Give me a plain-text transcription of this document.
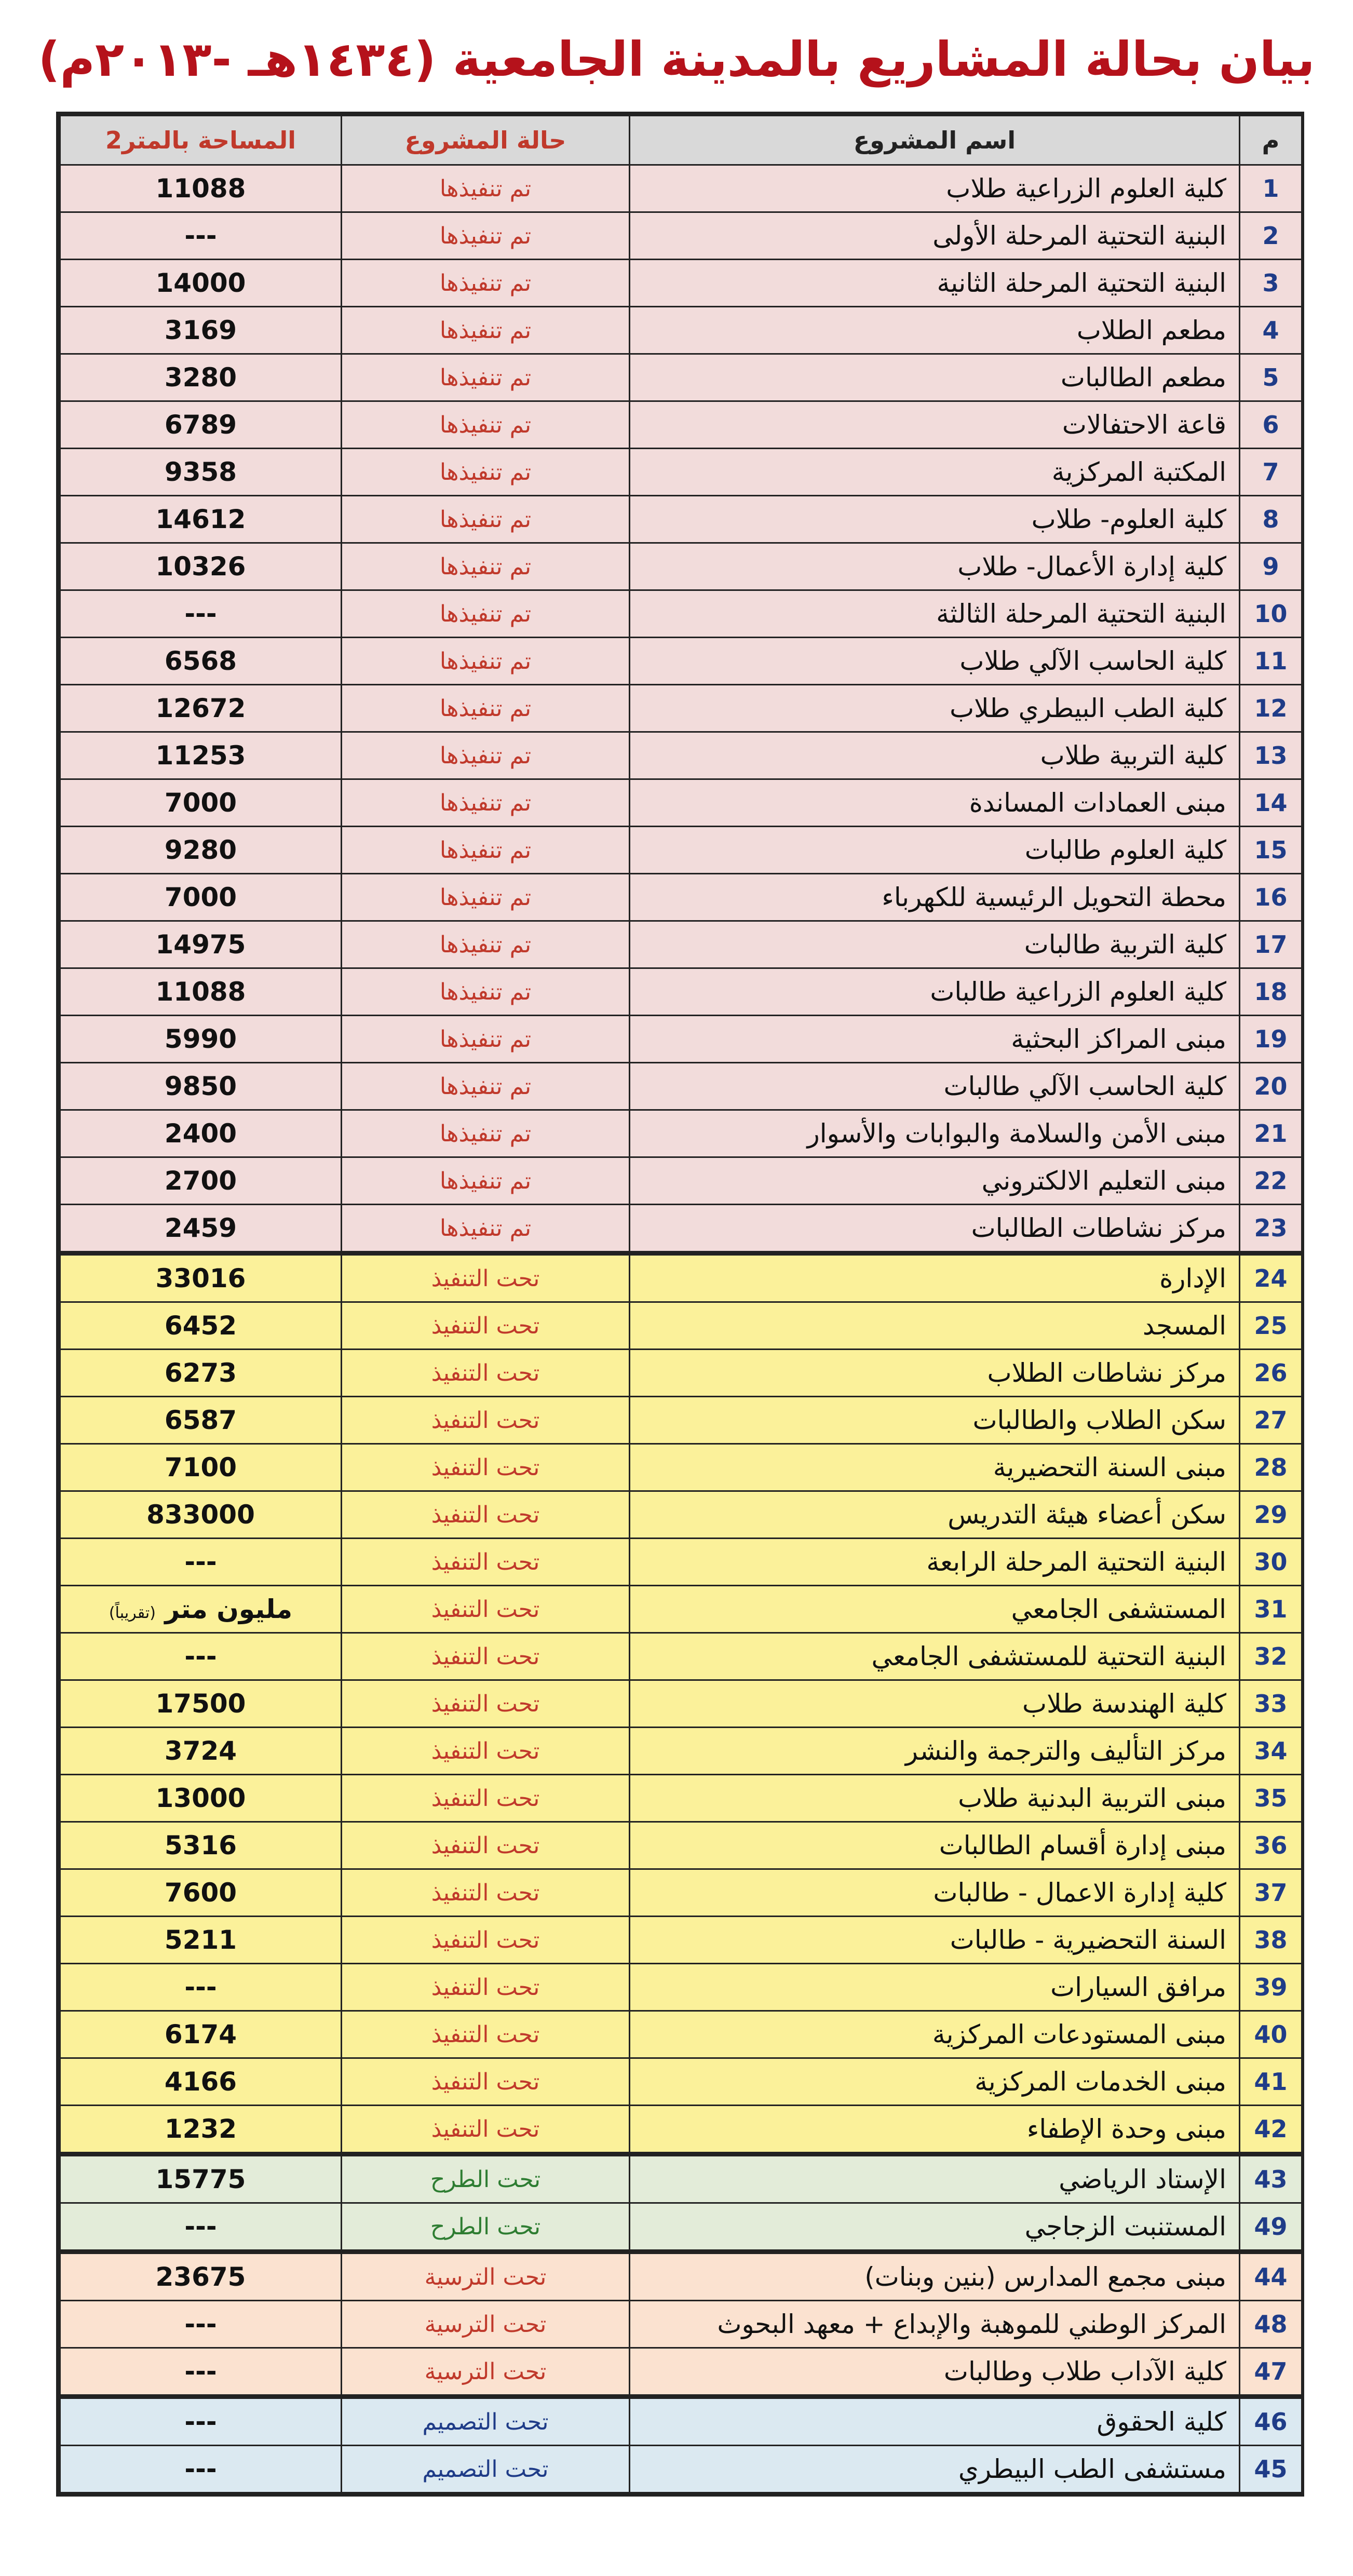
بيان بحالة المشاريع بالمدينة الجامعية (١٤٣٤هـ -٢٠١٣م)
م	اسم المشروع	حالة المشروع	المساحة بالمتر2
1	كلية العلوم الزراعية طلاب	تم تنفيذها	11088
2	البنية التحتية المرحلة الأولى	تم تنفيذها	---
3	البنية التحتية المرحلة الثانية	تم تنفيذها	14000
4	مطعم الطلاب	تم تنفيذها	3169
5	مطعم الطالبات	تم تنفيذها	3280
6	قاعة الاحتفالات	تم تنفيذها	6789
7	المكتبة المركزية	تم تنفيذها	9358
8	كلية العلوم- طلاب	تم تنفيذها	14612
9	كلية إدارة الأعمال- طلاب	تم تنفيذها	10326
10	البنية التحتية المرحلة الثالثة	تم تنفيذها	---
11	كلية الحاسب الآلي طلاب	تم تنفيذها	6568
12	كلية الطب البيطري طلاب	تم تنفيذها	12672
13	كلية التربية طلاب	تم تنفيذها	11253
14	مبنى العمادات المساندة	تم تنفيذها	7000
15	كلية العلوم طالبات	تم تنفيذها	9280
16	محطة التحويل الرئيسية للكهرباء	تم تنفيذها	7000
17	كلية التربية طالبات	تم تنفيذها	14975
18	كلية العلوم الزراعية طالبات	تم تنفيذها	11088
19	مبنى المراكز البحثية	تم تنفيذها	5990
20	كلية الحاسب الآلي طالبات	تم تنفيذها	9850
21	مبنى الأمن والسلامة والبوابات والأسوار	تم تنفيذها	2400
22	مبنى التعليم الالكتروني	تم تنفيذها	2700
23	مركز نشاطات الطالبات	تم تنفيذها	2459
24	الإدارة	تحت التنفيذ	33016
25	المسجد	تحت التنفيذ	6452
26	مركز نشاطات الطلاب	تحت التنفيذ	6273
27	سكن الطلاب والطالبات	تحت التنفيذ	6587
28	مبنى السنة التحضيرية	تحت التنفيذ	7100
29	سكن أعضاء هيئة التدريس	تحت التنفيذ	833000
30	البنية التحتية المرحلة الرابعة	تحت التنفيذ	---
31	المستشفى الجامعي	تحت التنفيذ	مليون متر (تقريباً)
32	البنية التحتية للمستشفى الجامعي	تحت التنفيذ	---
33	كلية الهندسة طلاب	تحت التنفيذ	17500
34	مركز التأليف والترجمة والنشر	تحت التنفيذ	3724
35	مبنى التربية البدنية طلاب	تحت التنفيذ	13000
36	مبنى إدارة أقسام الطالبات	تحت التنفيذ	5316
37	كلية إدارة الاعمال - طالبات	تحت التنفيذ	7600
38	السنة التحضيرية - طالبات	تحت التنفيذ	5211
39	مرافق السيارات	تحت التنفيذ	---
40	مبنى المستودعات المركزية	تحت التنفيذ	6174
41	مبنى الخدمات المركزية	تحت التنفيذ	4166
42	مبنى وحدة الإطفاء	تحت التنفيذ	1232
43	الإستاد الرياضي	تحت الطرح	15775
49	المستنبت الزجاجي	تحت الطرح	---
44	مبنى مجمع المدارس (بنين وبنات)	تحت الترسية	23675
48	المركز الوطني للموهبة والإبداع + معهد البحوث	تحت الترسية	---
47	كلية الآداب طلاب وطالبات	تحت الترسية	---
46	كلية الحقوق	تحت التصميم	---
45	مستشفى الطب البيطري	تحت التصميم	---
